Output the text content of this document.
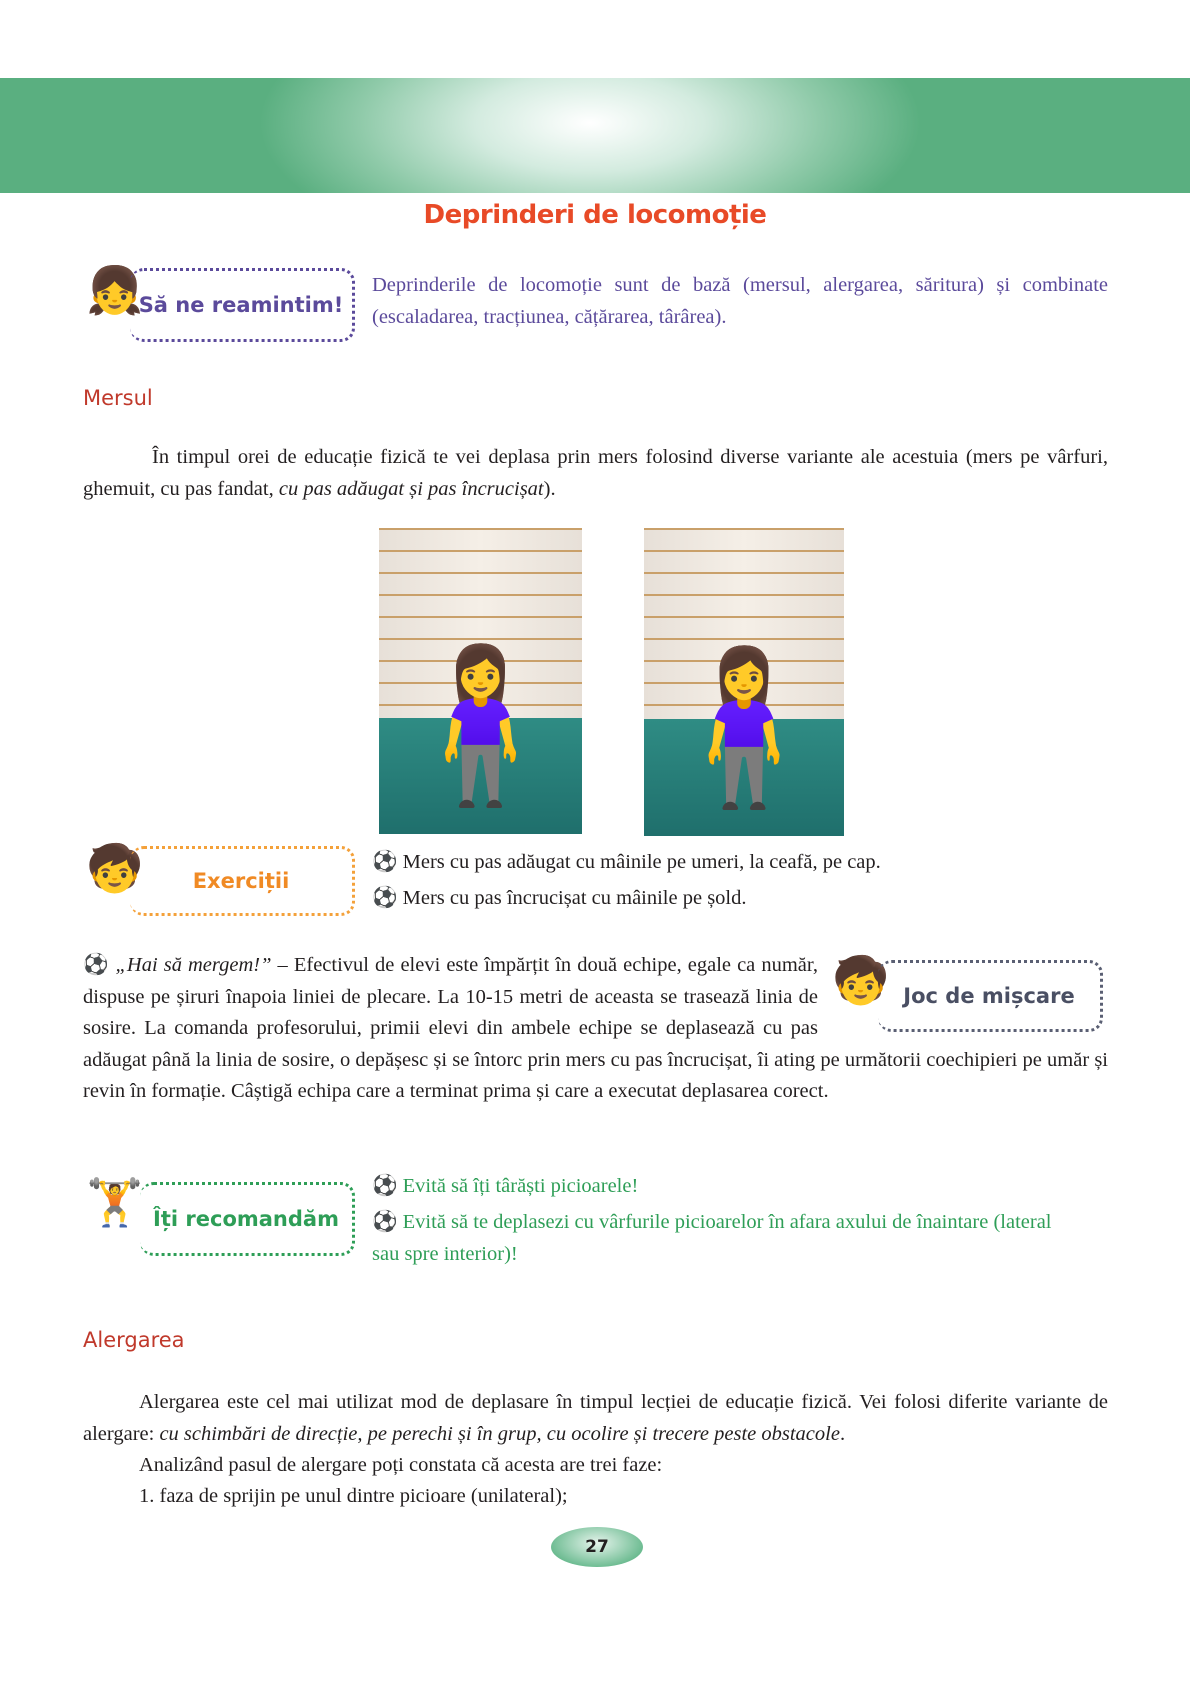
Deprinderi de locomoție
👧
Să ne reamintim!
Deprinderile de locomoție sunt de bază (mersul, alergarea, săritura) și combinate (escaladarea, tracțiunea, cățărarea, târârea).
Mersul
În timpul orei de educație fizică te vei deplasa prin mers folosind diverse variante ale acestuia (mers pe vârfuri, ghemuit, cu pas fandat, cu pas adăugat și pas încrucișat).
🧍‍♀️ 🧍‍♀️
🧒 Exerciții
⚽ Mers cu pas adăugat cu mâinile pe umeri, la ceafă, pe cap.
⚽ Mers cu pas încrucișat cu mâinile pe șold.
🧒 Joc de mișcare
⚽ „Hai să mergem!” – Efectivul de elevi este împărțit în două echipe, egale ca număr, dispuse pe șiruri înapoia liniei de plecare. La 10-15 metri de aceasta se trasează linia de sosire. La comanda profesorului, primii elevi din ambele echipe se deplasează cu pas adăugat până la linia de sosire, o depășesc și se întorc prin mers cu pas încrucișat, îi ating pe următorii coechipieri pe umăr și revin în formație. Câștigă echipa care a terminat prima și care a executat deplasarea corect.
🏋️ Îți recomandăm
⚽ Evită să îți târăști picioarele!
⚽ Evită să te deplasezi cu vârfurile picioarelor în afara axului de înaintare (lateral sau spre interior)!
Alergarea
Alergarea este cel mai utilizat mod de deplasare în timpul lecției de educație fizică. Vei folosi diferite variante de alergare: cu schimbări de direcție, pe perechi și în grup, cu ocolire și trecere peste obstacole.
Analizând pasul de alergare poți constata că acesta are trei faze:
1. faza de sprijin pe unul dintre picioare (unilateral);
27
